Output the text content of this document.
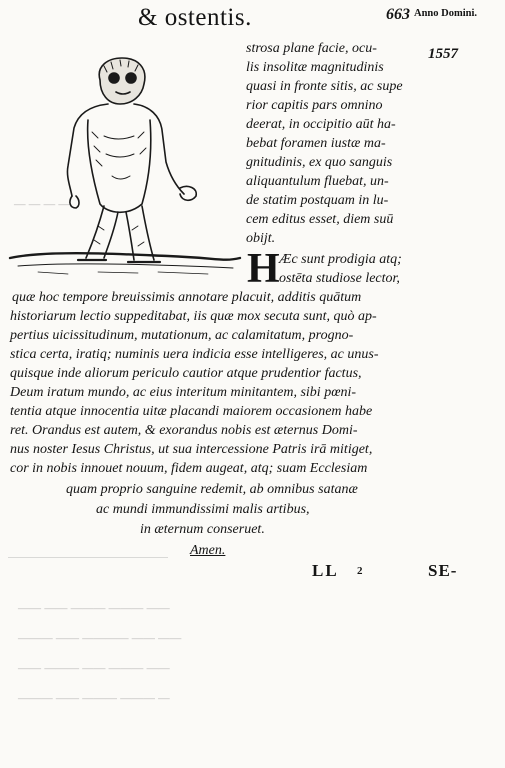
& ostentis.	663 Anno Domini.
1557
— — — —
—— —— ——— ——— ——
——— —— ———— —— ——
—— ——— —— ——— ——
——— —— ——— ——— —
strosa plane facie, ocu-
lis insolitæ magnitudinis
quasi in fronte sitis, ac supe
rior capitis pars omnino
deerat, in occipitio aūt ha-
bebat foramen iustæ ma-
gnitudinis, ex quo sanguis
aliquantulum fluebat, un-
de statim postquam in lu-
cem editus esset, diem suū
obijt.
H Æc sunt prodigia atq;
ostēta studiose lector,
quæ hoc tempore breuissimis annotare placuit, additis quātum
historiarum lectio suppeditabat, iis quæ mox secuta sunt, quò ap-
pertius uicissitudinum, mutationum, ac calamitatum, progno-
stica certa, iratiq; numinis uera indicia esse intelligeres, ac unus-
quisque inde aliorum periculo cautior atque prudentior factus,
Deum iratum mundo, ac eius interitum minitantem, sibi pœni-
tentia atque innocentia uitæ placandi maiorem occasionem habe
ret. Orandus est autem, & exorandus nobis est æternus Domi-
nus noster Iesus Christus, ut sua intercessione Patris irā mitiget,
cor in nobis innouet nouum, fidem augeat, atq; suam Ecclesiam
quam proprio sanguine redemit, ab omnibus satanæ
ac mundi immundissimi malis artibus,
in æternum conseruet.
Amen.
LL 2	SE-
